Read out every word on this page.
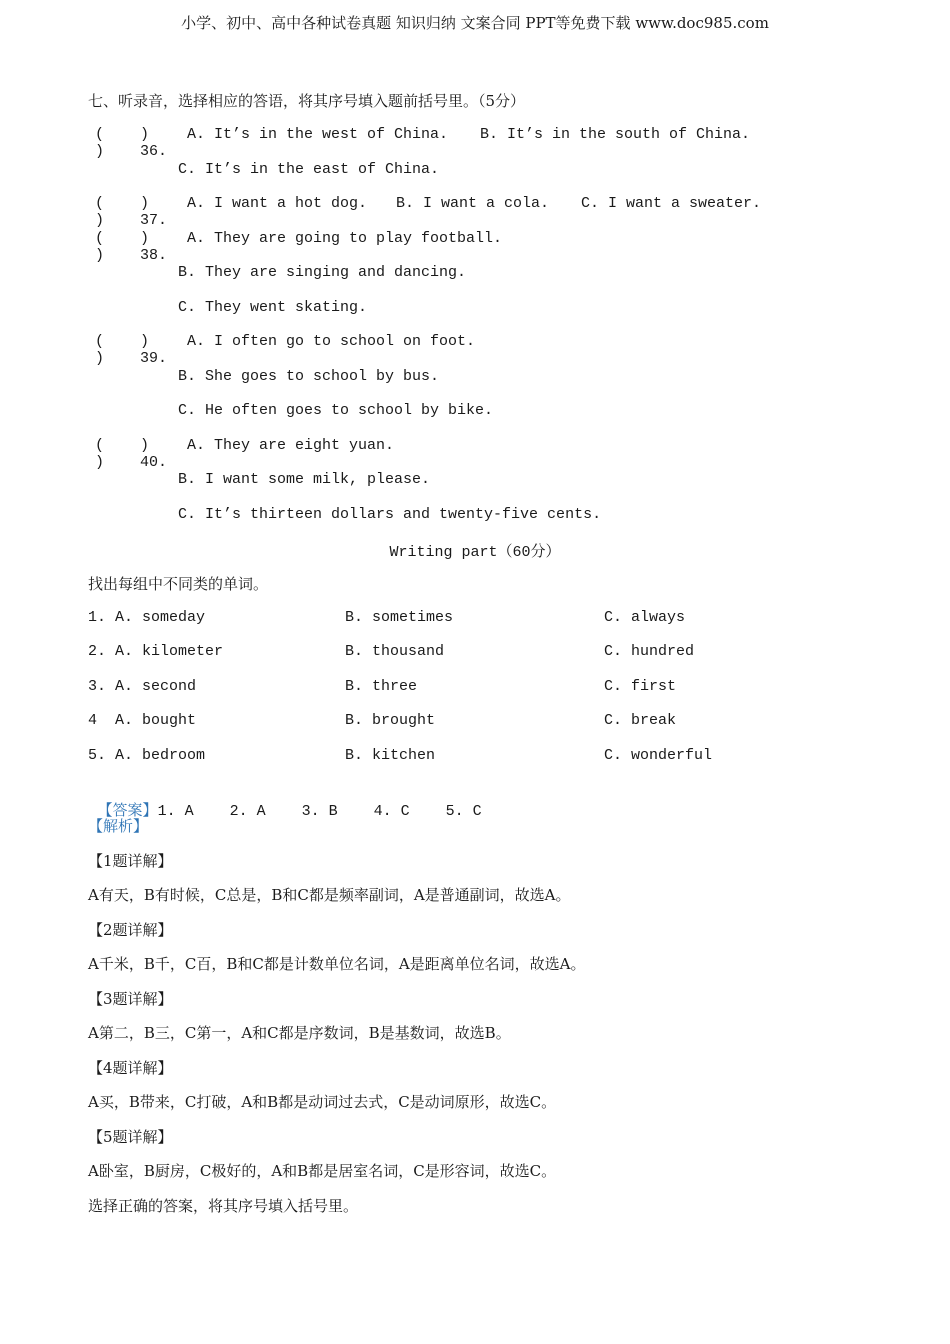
小学、初中、高中各种试卷真题 知识归纳 文案合同 PPT等免费下载 www.doc985.com
七、听录音，选择相应的答语，将其序号填入题前括号里。（5分）
( )
) 36.
A. It’s in the west of China. B. It’s in the south of China.
C. It’s in the east of China.
( )
) 37.
A. I want a hot dog. B. I want a cola. C. I want a sweater.
( )
) 38.
A. They are going to play football.
B. They are singing and dancing.
C. They went skating.
( )
) 39.
A. I often go to school on foot.
B. She goes to school by bus.
C. He often goes to school by bike.
( )
) 40.
A. They are eight yuan.
B. I want some milk, please.
C. It’s thirteen dollars and twenty-five cents.
Writing part（60分）
找出每组中不同类的单词。
1. A. someday	B. sometimes	C. always
2. A. kilometer	B. thousand	C. hundred
3. A. second	B. three	C. first
4  A. bought	B. brought	C. break
5. A. bedroom	B. kitchen	C. wonderful

【答案】1. A    2. A    3. B    4. C    5. C

【解析】
【1题详解】
A有天，B有时候，C总是，B和C都是频率副词，A是普通副词，故选A。
【2题详解】
A千米，B千，C百，B和C都是计数单位名词，A是距离单位名词，故选A。
【3题详解】
A第二，B三，C第一，A和C都是序数词，B是基数词，故选B。
【4题详解】
A买，B带来，C打破，A和B都是动词过去式，C是动词原形，故选C。
【5题详解】
A卧室，B厨房，C极好的，A和B都是居室名词，C是形容词，故选C。
选择正确的答案，将其序号填入括号里。
